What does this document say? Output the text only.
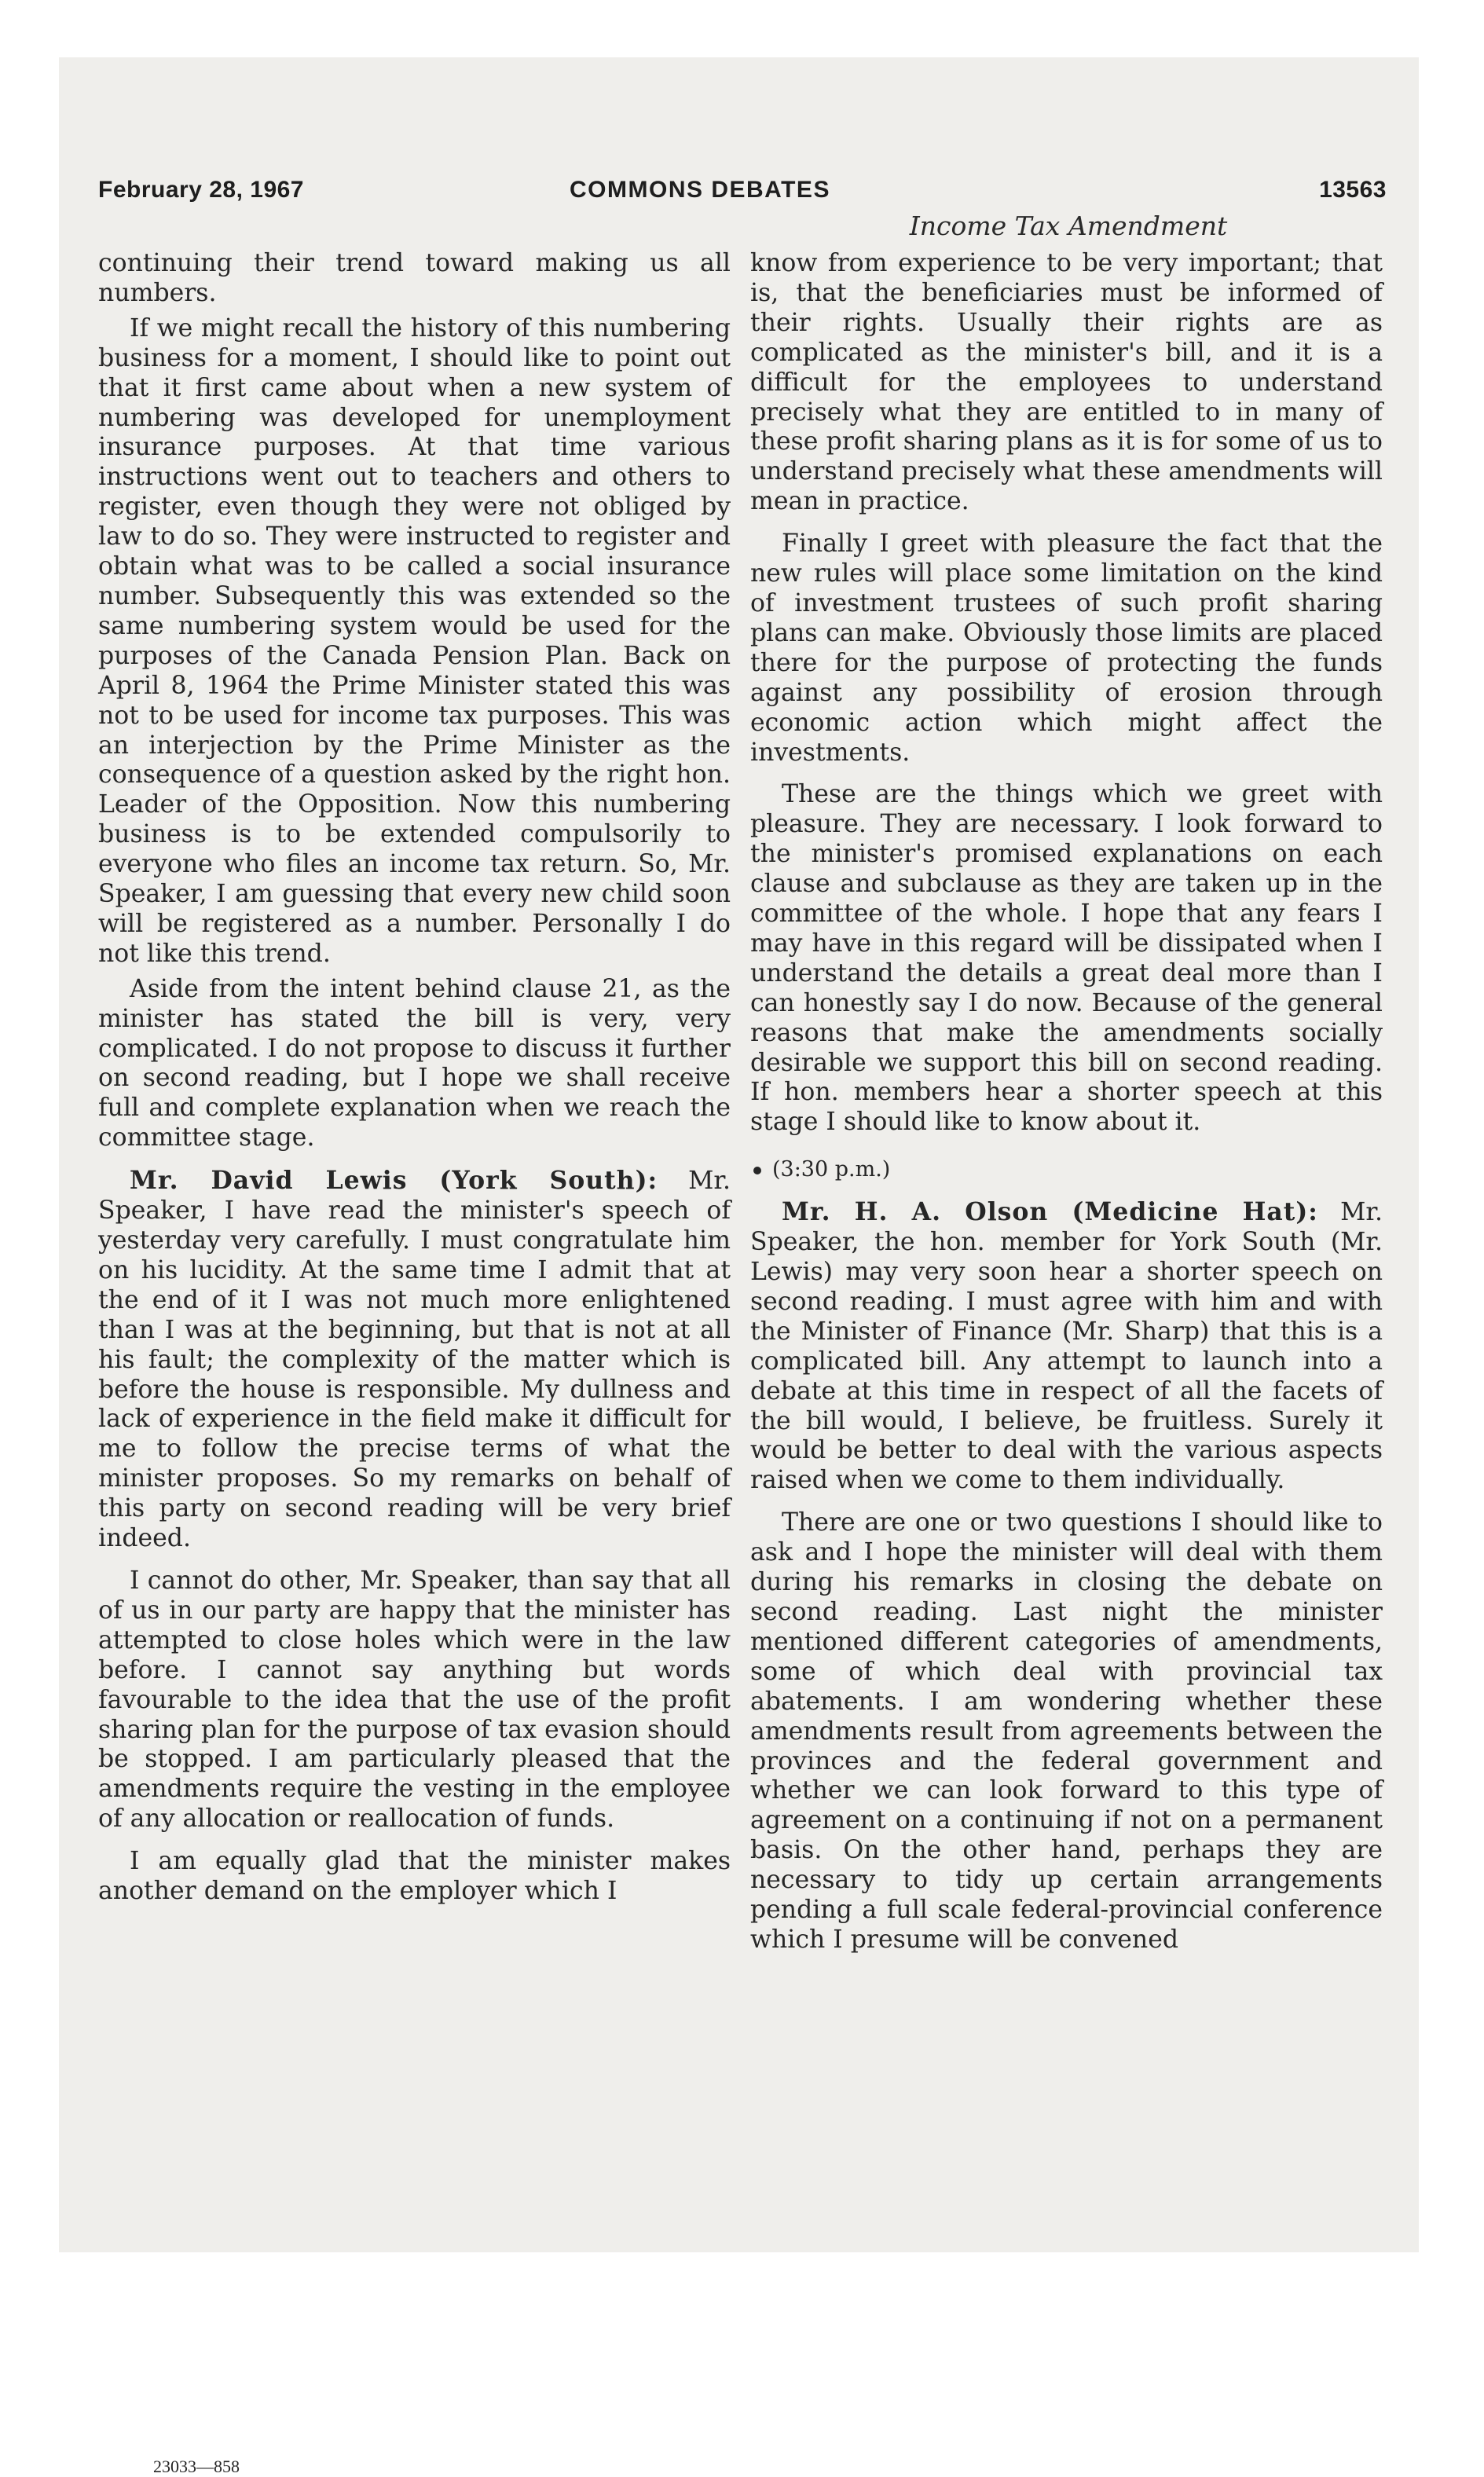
February 28, 1967	COMMONS DEBATES	13563
Income Tax Amendment

continuing their trend toward making us all numbers.

If we might recall the history of this numbering business for a moment, I should like to point out that it first came about when a new system of numbering was developed for unemployment insurance purposes. At that time various instructions went out to teachers and others to register, even though they were not obliged by law to do so. They were instructed to register and obtain what was to be called a social insurance number. Subsequently this was extended so the same numbering system would be used for the purposes of the Canada Pension Plan. Back on April 8, 1964 the Prime Minister stated this was not to be used for income tax purposes. This was an interjection by the Prime Minister as the consequence of a question asked by the right hon. Leader of the Opposition. Now this numbering business is to be extended compulsorily to everyone who files an income tax return. So, Mr. Speaker, I am guessing that every new child soon will be registered as a number. Personally I do not like this trend.

Aside from the intent behind clause 21, as the minister has stated the bill is very, very complicated. I do not propose to discuss it further on second reading, but I hope we shall receive full and complete explanation when we reach the committee stage.

Mr. David Lewis (York South): Mr. Speaker, I have read the minister's speech of yesterday very carefully. I must congratulate him on his lucidity. At the same time I admit that at the end of it I was not much more enlightened than I was at the beginning, but that is not at all his fault; the complexity of the matter which is before the house is responsible. My dullness and lack of experience in the field make it difficult for me to follow the precise terms of what the minister proposes. So my remarks on behalf of this party on second reading will be very brief indeed.

I cannot do other, Mr. Speaker, than say that all of us in our party are happy that the minister has attempted to close holes which were in the law before. I cannot say anything but words favourable to the idea that the use of the profit sharing plan for the purpose of tax evasion should be stopped. I am particularly pleased that the amendments require the vesting in the employee of any allocation or reallocation of funds.

I am equally glad that the minister makes another demand on the employer which I

know from experience to be very important; that is, that the beneficiaries must be informed of their rights. Usually their rights are as complicated as the minister's bill, and it is a difficult for the employees to understand precisely what they are entitled to in many of these profit sharing plans as it is for some of us to understand precisely what these amendments will mean in practice.

Finally I greet with pleasure the fact that the new rules will place some limitation on the kind of investment trustees of such profit sharing plans can make. Obviously those limits are placed there for the purpose of protecting the funds against any possibility of erosion through economic action which might affect the investments.

These are the things which we greet with pleasure. They are necessary. I look forward to the minister's promised explanations on each clause and subclause as they are taken up in the committee of the whole. I hope that any fears I may have in this regard will be dissipated when I understand the details a great deal more than I can honestly say I do now. Because of the general reasons that make the amendments socially desirable we support this bill on second reading. If hon. members hear a shorter speech at this stage I should like to know about it.

(3:30 p.m.)

Mr. H. A. Olson (Medicine Hat): Mr. Speaker, the hon. member for York South (Mr. Lewis) may very soon hear a shorter speech on second reading. I must agree with him and with the Minister of Finance (Mr. Sharp) that this is a complicated bill. Any attempt to launch into a debate at this time in respect of all the facets of the bill would, I believe, be fruitless. Surely it would be better to deal with the various aspects raised when we come to them individually.

There are one or two questions I should like to ask and I hope the minister will deal with them during his remarks in closing the debate on second reading. Last night the minister mentioned different categories of amendments, some of which deal with provincial tax abatements. I am wondering whether these amendments result from agreements between the provinces and the federal government and whether we can look forward to this type of agreement on a continuing if not on a permanent basis. On the other hand, perhaps they are necessary to tidy up certain arrangements pending a full scale federal-provincial conference which I presume will be convened

23033—858
